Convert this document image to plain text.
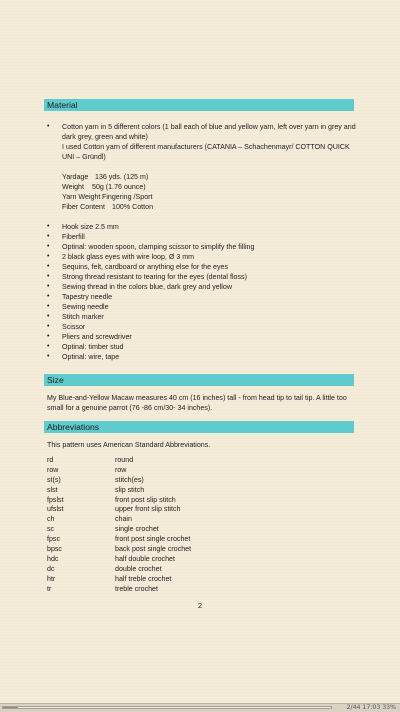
Material
• Cotton yarn in 5 different colors (1 ball each of blue and yellow yarn, left over yarn in grey and dark grey, green and white)
I used Cotton yarn of different manufacturers (CATANIA – Schachenmayr/ COTTON QUICK UNI – Gründl)
Yardage 136 yds. (125 m)
Weight	50g (1.76 ounce)
Yarn Weight Fingering /Sport
Fiber Content 100% Cotton
• Hook size 2.5 mm
• Fiberfill
• Optinal: wooden spoon, clamping scissor to simplify the filling
• 2 black glass eyes with wire loop, Ø 3 mm
• Sequins, felt, cardboard or anything else for the eyes
• Strong thread resistant to tearing for the eyes (dental floss)
• Sewing thread in the colors blue, dark grey and yellow
• Tapestry needle
• Sewing needle
• Stitch marker
• Scissor
• Pliers and screwdriver
• Optinal: timber stud
• Optinal: wire, tape
Size

My Blue-and-Yellow Macaw measures 40 cm (16 inches) tall - from head tip to tail tip. A little too small for a genuine parrot (76 -86 cm/30- 34 inches).

Abbreviations

This pattern uses American Standard Abbreviations.

rd	round
row	row
st(s)	stitch(es)
slst	slip stitch
fpslst	front post slip stitch
ufslst	upper front slip stitch
ch	chain
sc	single crochet
fpsc	front post single crochet
bpsc	back post single crochet
hdc	half double crochet
dc	double crochet
htr	half treble crochet
tr	treble crochet
2
2/44 17:03 33%
